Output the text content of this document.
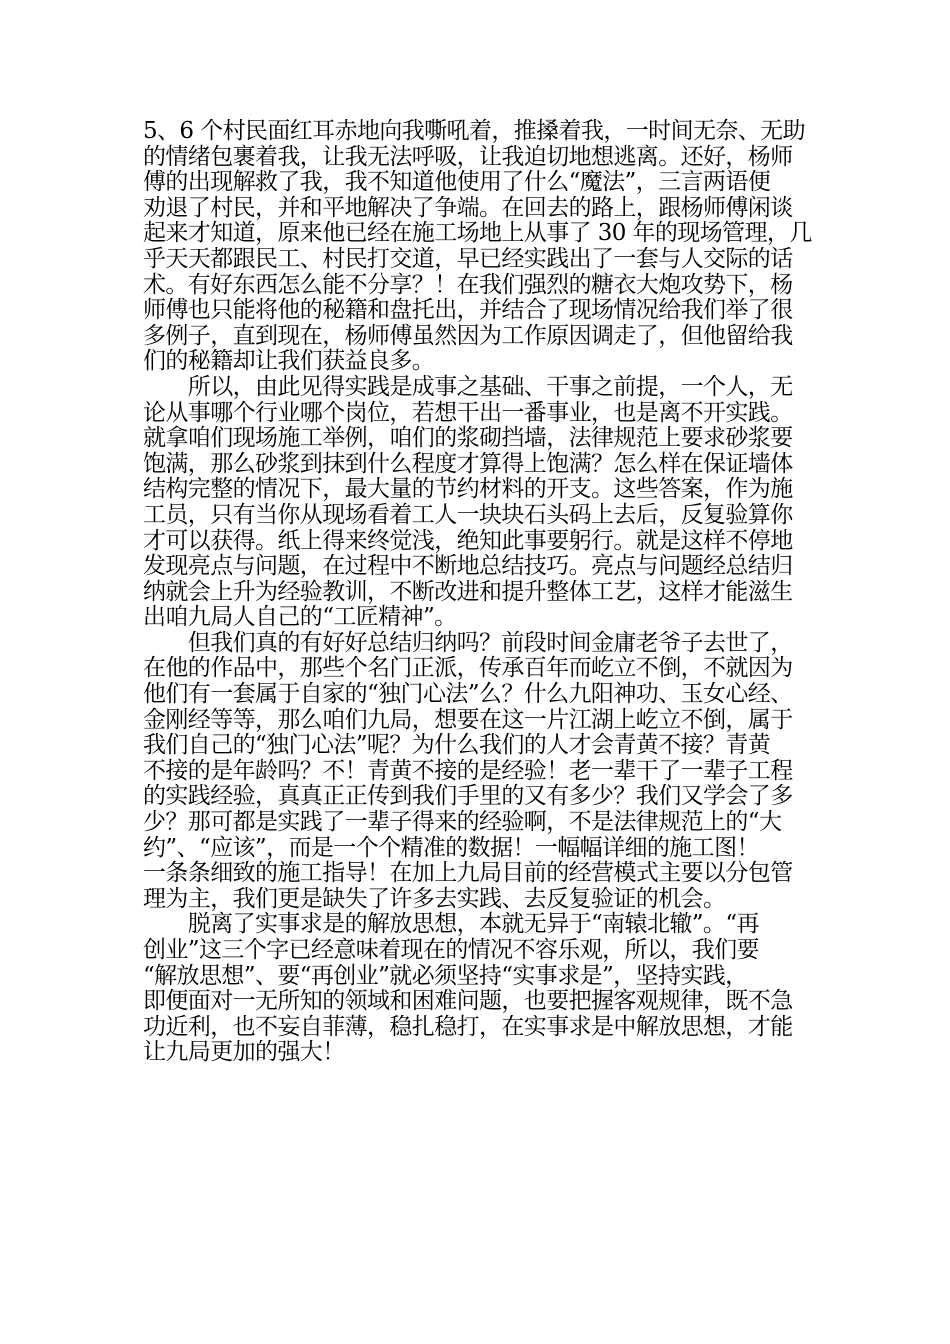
5、6 个村民面红耳赤地向我嘶吼着，推搡着我，一时间无奈、无助
的情绪包裹着我，让我无法呼吸，让我迫切地想逃离。还好，杨师
傅的出现解救了我，我不知道他使用了什么“魔法”，三言两语便
劝退了村民，并和平地解决了争端。在回去的路上，跟杨师傅闲谈
起来才知道，原来他已经在施工场地上从事了 30 年的现场管理，几
乎天天都跟民工、村民打交道，早已经实践出了一套与人交际的话
术。有好东西怎么能不分享？！在我们强烈的糖衣大炮攻势下，杨
师傅也只能将他的秘籍和盘托出，并结合了现场情况给我们举了很
多例子，直到现在，杨师傅虽然因为工作原因调走了，但他留给我
们的秘籍却让我们获益良多。
　　所以，由此见得实践是成事之基础、干事之前提，一个人，无
论从事哪个行业哪个岗位，若想干出一番事业，也是离不开实践。
就拿咱们现场施工举例，咱们的浆砌挡墙，法律规范上要求砂浆要
饱满，那么砂浆到抹到什么程度才算得上饱满？怎么样在保证墙体
结构完整的情况下，最大量的节约材料的开支。这些答案，作为施
工员，只有当你从现场看着工人一块块石头码上去后，反复验算你
才可以获得。纸上得来终觉浅，绝知此事要躬行。就是这样不停地
发现亮点与问题，在过程中不断地总结技巧。亮点与问题经总结归
纳就会上升为经验教训，不断改进和提升整体工艺，这样才能滋生
出咱九局人自己的“工匠精神”。
　　但我们真的有好好总结归纳吗？前段时间金庸老爷子去世了，
在他的作品中，那些个名门正派，传承百年而屹立不倒，不就因为
他们有一套属于自家的“独门心法”么？什么九阳神功、玉女心经、
金刚经等等，那么咱们九局，想要在这一片江湖上屹立不倒，属于
我们自己的“独门心法”呢？为什么我们的人才会青黄不接？青黄
不接的是年龄吗？不！青黄不接的是经验！老一辈干了一辈子工程
的实践经验，真真正正传到我们手里的又有多少？我们又学会了多
少？那可都是实践了一辈子得来的经验啊，不是法律规范上的“大
约”、“应该”，而是一个个精准的数据！一幅幅详细的施工图！
一条条细致的施工指导！在加上九局目前的经营模式主要以分包管
理为主，我们更是缺失了许多去实践、去反复验证的机会。
　　脱离了实事求是的解放思想，本就无异于“南辕北辙”。“再
创业”这三个字已经意味着现在的情况不容乐观，所以，我们要
“解放思想”、要“再创业”就必须坚持“实事求是”，坚持实践，
即便面对一无所知的领域和困难问题，也要把握客观规律，既不急
功近利，也不妄自菲薄，稳扎稳打，在实事求是中解放思想，才能
让九局更加的强大！
